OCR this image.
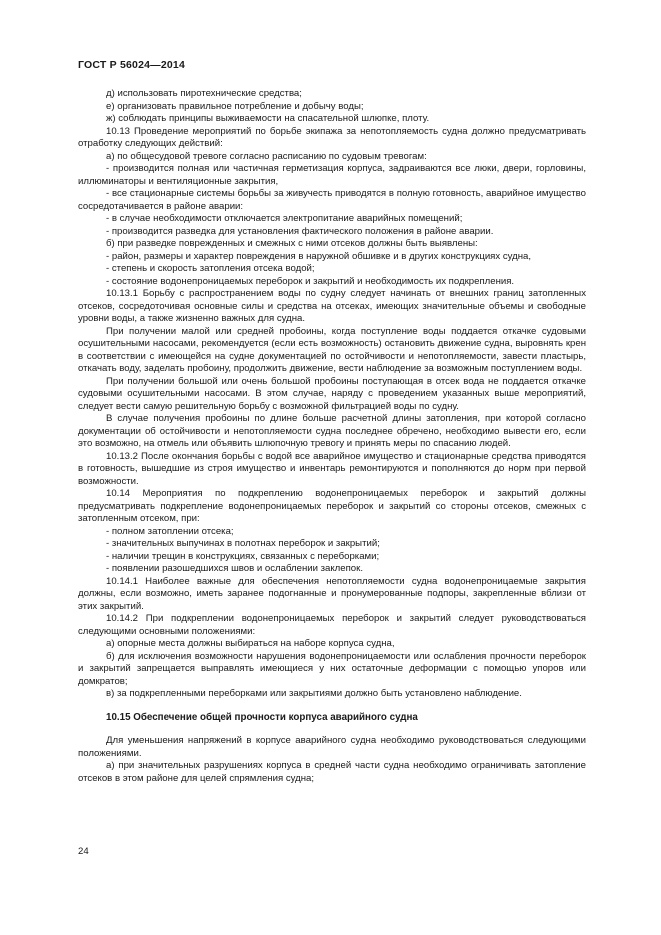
ГОСТ Р 56024—2014

д) использовать пиротехнические средства;

е) организовать правильное потребление и добычу воды;

ж) соблюдать принципы выживаемости на спасательной шлюпке, плоту.

10.13 Проведение мероприятий по борьбе экипажа за непотопляемость судна должно предусматривать отработку следующих действий:

а) по общесудовой тревоге согласно расписанию по судовым тревогам:

- производится полная или частичная герметизация корпуса, задраиваются все люки, двери, горловины, иллюминаторы и вентиляционные закрытия,

- все стационарные системы борьбы за живучесть приводятся в полную готовность, аварийное имущество сосредотачивается в районе аварии:

- в случае необходимости отключается электропитание аварийных помещений;

- производится разведка для установления фактического положения в районе аварии.

б) при разведке поврежденных и смежных с ними отсеков должны быть выявлены:

- район, размеры и характер повреждения в наружной обшивке и в других конструкциях судна,

- степень и скорость затопления отсека водой;

- состояние водонепроницаемых переборок и закрытий и необходимость их подкрепления.

10.13.1 Борьбу с распространением воды по судну следует начинать от внешних границ затопленных отсеков, сосредоточивая основные силы и средства на отсеках, имеющих значительные объемы и свободные уровни воды, а также жизненно важных для судна.

При получении малой или средней пробоины, когда поступление воды поддается откачке судовыми осушительными насосами, рекомендуется (если есть возможность) остановить движение судна, выровнять крен в соответствии с имеющейся на судне документацией по остойчивости и непотопляемости, завести пластырь, откачать воду, заделать пробоину, продолжить движение, вести наблюдение за возможным поступлением воды.

При получении большой или очень большой пробоины поступающая в отсек вода не поддается откачке судовыми осушительными насосами. В этом случае, наряду с проведением указанных выше мероприятий, следует вести самую решительную борьбу с возможной фильтрацией воды по судну.

В случае получения пробоины по длине больше расчетной длины затопления, при которой согласно документации об остойчивости и непотопляемости судна последнее обречено, необходимо вывести его, если это возможно, на отмель или объявить шлюпочную тревогу и принять меры по спасанию людей.

10.13.2 После окончания борьбы с водой все аварийное имущество и стационарные средства приводятся в готовность, вышедшие из строя имущество и инвентарь ремонтируются и пополняются до норм при первой возможности.

10.14 Мероприятия по подкреплению водонепроницаемых переборок и закрытий должны предусматривать подкрепление водонепроницаемых переборок и закрытий со стороны отсеков, смежных с затопленным отсеком, при:

- полном затоплении отсека;

- значительных выпучинах в полотнах переборок и закрытий;

- наличии трещин в конструкциях, связанных с переборками;

- появлении разошедшихся швов и ослаблении заклепок.

10.14.1 Наиболее важные для обеспечения непотопляемости судна водонепроницаемые закрытия должны, если возможно, иметь заранее подогнанные и пронумерованные подпоры, закрепленные вблизи от этих закрытий.

10.14.2 При подкреплении водонепроницаемых переборок и закрытий следует руководствоваться следующими основными положениями:

а) опорные места должны выбираться на наборе корпуса судна,

б) для исключения возможности нарушения водонепроницаемости или ослабления прочности переборок и закрытий запрещается выправлять имеющиеся у них остаточные деформации с помощью упоров или домкратов;

в) за подкрепленными переборками или закрытиями должно быть установлено наблюдение.

10.15 Обеспечение общей прочности корпуса аварийного судна

Для уменьшения напряжений в корпусе аварийного судна необходимо руководствоваться следующими положениями.

а) при значительных разрушениях корпуса в средней части судна необходимо ограничивать затопление отсеков в этом районе для целей спрямления судна;

24
